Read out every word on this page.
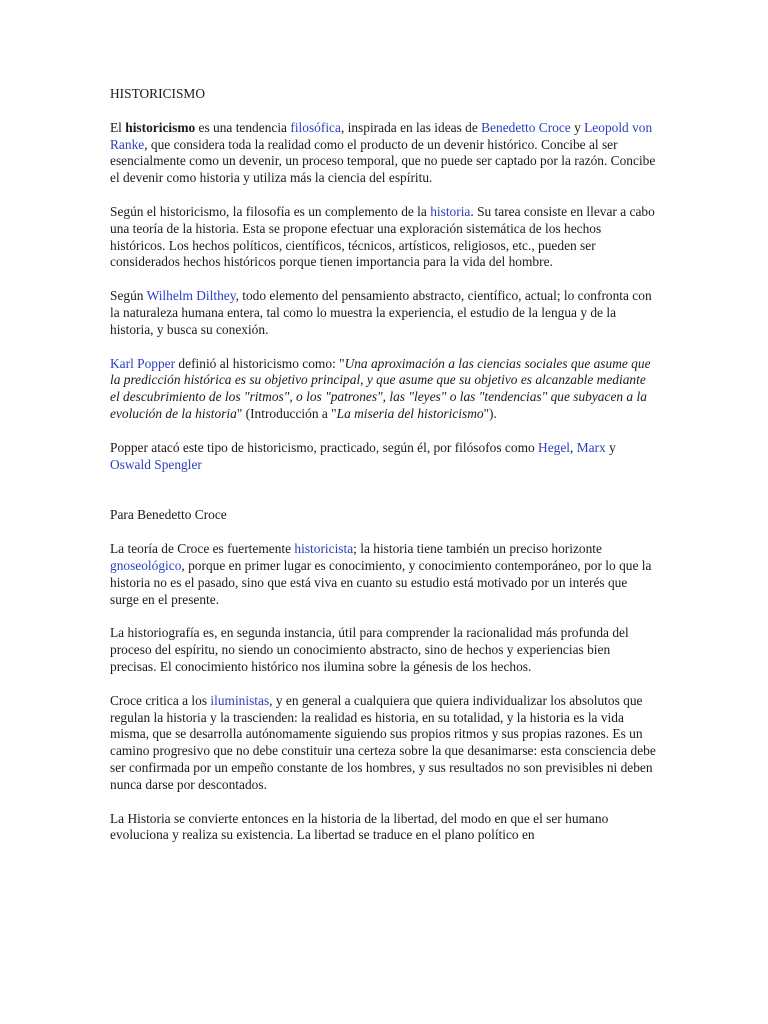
HISTORICISMO

El historicismo es una tendencia filosófica, inspirada en las ideas de Benedetto Croce y Leopold von Ranke, que considera toda la realidad como el producto de un devenir histórico. Concibe al ser esencialmente como un devenir, un proceso temporal, que no puede ser captado por la razón. Concibe el devenir como historia y utiliza más la ciencia del espíritu.

Según el historicismo, la filosofía es un complemento de la historia. Su tarea consiste en llevar a cabo una teoría de la historia. Esta se propone efectuar una exploración sistemática de los hechos históricos. Los hechos políticos, científicos, técnicos, artísticos, religiosos, etc., pueden ser considerados hechos históricos porque tienen importancia para la vida del hombre.

Según Wilhelm Dilthey, todo elemento del pensamiento abstracto, científico, actual; lo confronta con la naturaleza humana entera, tal como lo muestra la experiencia, el estudio de la lengua y de la historia, y busca su conexión.

Karl Popper definió al historicismo como: "Una aproximación a las ciencias sociales que asume que la predicción histórica es su objetivo principal, y que asume que su objetivo es alcanzable mediante el descubrimiento de los "ritmos", o los "patrones", las "leyes" o las "tendencias" que subyacen a la evolución de la historia" (Introducción a "La miseria del historicismo").

Popper atacó este tipo de historicismo, practicado, según él, por filósofos como Hegel, Marx y Oswald Spengler

Para Benedetto Croce

La teoría de Croce es fuertemente historicista; la historia tiene también un preciso horizonte gnoseológico, porque en primer lugar es conocimiento, y conocimiento contemporáneo, por lo que la historia no es el pasado, sino que está viva en cuanto su estudio está motivado por un interés que surge en el presente.

La historiografía es, en segunda instancia, útil para comprender la racionalidad más profunda del proceso del espíritu, no siendo un conocimiento abstracto, sino de hechos y experiencias bien precisas. El conocimiento histórico nos ilumina sobre la génesis de los hechos.

Croce critica a los iluministas, y en general a cualquiera que quiera individualizar los absolutos que regulan la historia y la trascienden: la realidad es historia, en su totalidad, y la historia es la vida misma, que se desarrolla autónomamente siguiendo sus propios ritmos y sus propias razones. Es un camino progresivo que no debe constituir una certeza sobre la que desanimarse: esta consciencia debe ser confirmada por un empeño constante de los hombres, y sus resultados no son previsibles ni deben nunca darse por descontados.

La Historia se convierte entonces en la historia de la libertad, del modo en que el ser humano evoluciona y realiza su existencia. La libertad se traduce en el plano político en
